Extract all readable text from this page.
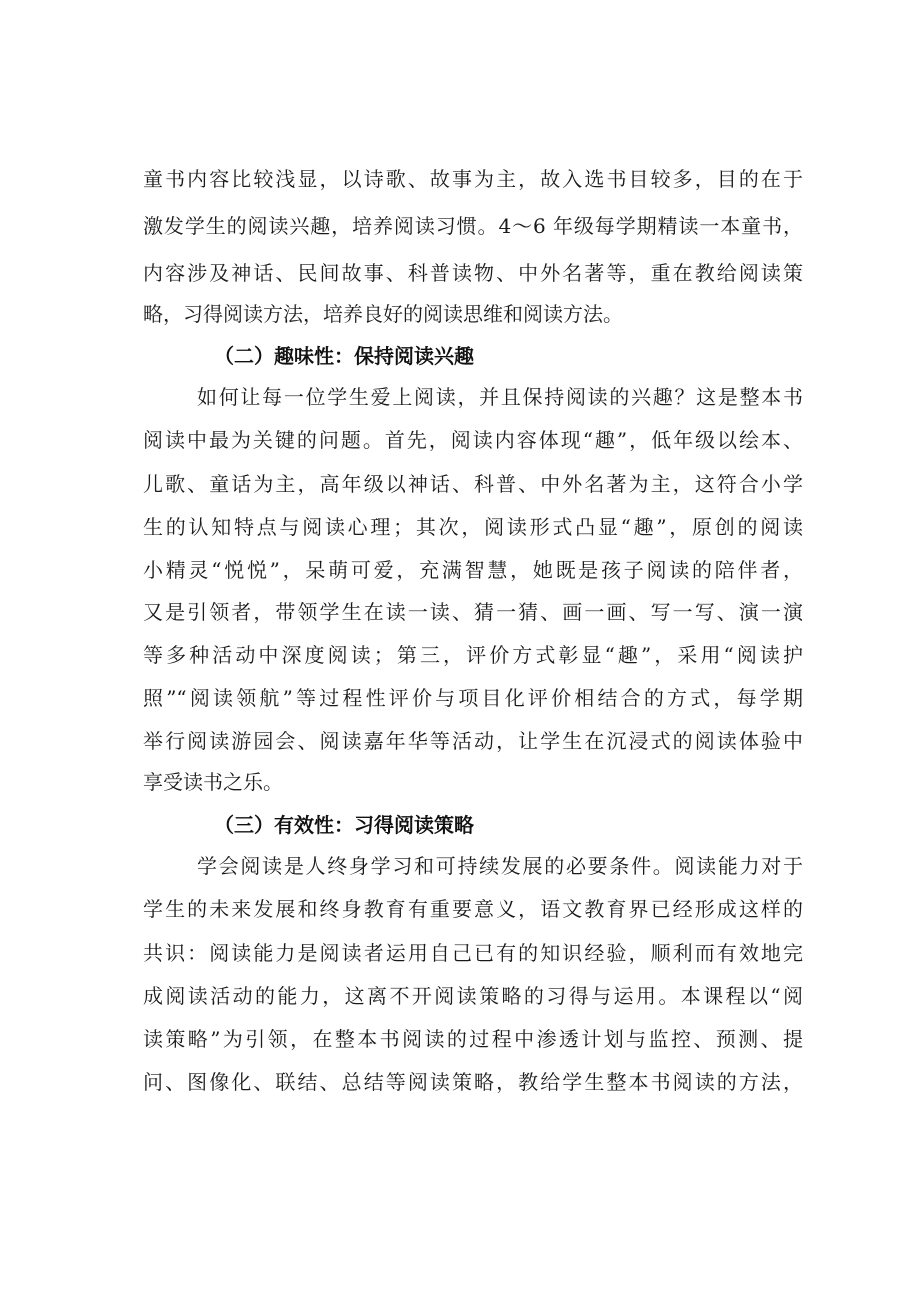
童书内容比较浅显，以诗歌、故事为主，故入选书目较多，目的在于
激发学生的阅读兴趣，培养阅读习惯。4～6 年级每学期精读一本童书，
内容涉及神话、民间故事、科普读物、中外名著等，重在教给阅读策
略，习得阅读方法，培养良好的阅读思维和阅读方法。
（二）趣味性：保持阅读兴趣
如何让每一位学生爱上阅读，并且保持阅读的兴趣？这是整本书
阅读中最为关键的问题。首先，阅读内容体现“趣”，低年级以绘本、
儿歌、童话为主，高年级以神话、科普、中外名著为主，这符合小学
生的认知特点与阅读心理；其次，阅读形式凸显“趣”，原创的阅读
小精灵“悦悦”，呆萌可爱，充满智慧，她既是孩子阅读的陪伴者，
又是引领者，带领学生在读一读、猜一猜、画一画、写一写、演一演
等多种活动中深度阅读；第三，评价方式彰显“趣”，采用“阅读护
照”“阅读领航”等过程性评价与项目化评价相结合的方式，每学期
举行阅读游园会、阅读嘉年华等活动，让学生在沉浸式的阅读体验中
享受读书之乐。
（三）有效性：习得阅读策略
学会阅读是人终身学习和可持续发展的必要条件。阅读能力对于
学生的未来发展和终身教育有重要意义，语文教育界已经形成这样的
共识：阅读能力是阅读者运用自己已有的知识经验，顺利而有效地完
成阅读活动的能力，这离不开阅读策略的习得与运用。本课程以“阅
读策略”为引领，在整本书阅读的过程中渗透计划与监控、预测、提
问、图像化、联结、总结等阅读策略，教给学生整本书阅读的方法，
